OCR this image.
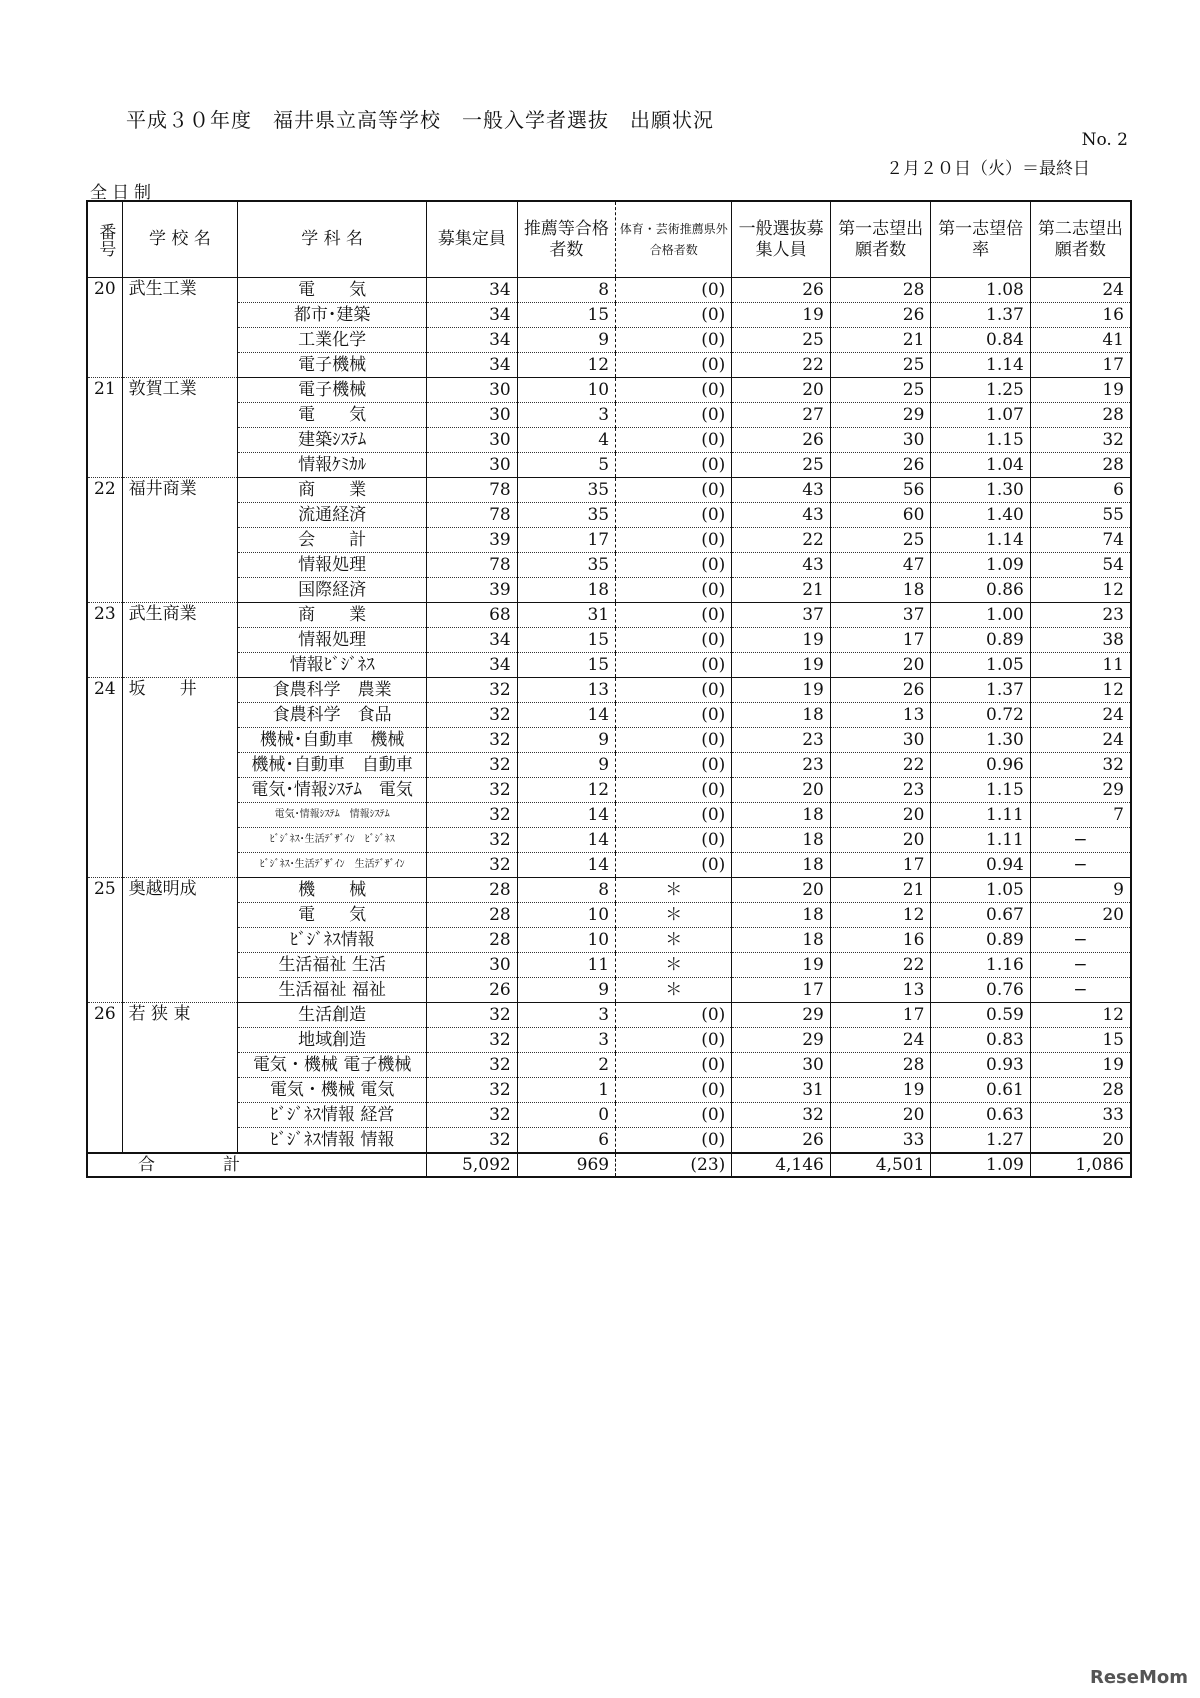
平成３０年度　福井県立高等学校　一般入学者選抜　出願状況
No. 2
２月２０日（火）＝最終日
全日制
番号	学 校 名	学 科 名	募集定員	推薦等合格者数	体育・芸術推薦県外合格者数	一般選抜募集人員	第一志望出願者数	第一志望倍　率	第二志望出願者数
20	武生工業	電　　気	34	8	(0)	26	28	1.08	24
		都市･建築	34	15	(0)	19	26	1.37	16
		工業化学	34	9	(0)	25	21	0.84	41
		電子機械	34	12	(0)	22	25	1.14	17
21	敦賀工業	電子機械	30	10	(0)	20	25	1.25	19
		電　　気	30	3	(0)	27	29	1.07	28
		建築ｼｽﾃﾑ	30	4	(0)	26	30	1.15	32
		情報ｹﾐｶﾙ	30	5	(0)	25	26	1.04	28
22	福井商業	商　　業	78	35	(0)	43	56	1.30	6
		流通経済	78	35	(0)	43	60	1.40	55
		会　　計	39	17	(0)	22	25	1.14	74
		情報処理	78	35	(0)	43	47	1.09	54
		国際経済	39	18	(0)	21	18	0.86	12
23	武生商業	商　　業	68	31	(0)	37	37	1.00	23
		情報処理	34	15	(0)	19	17	0.89	38
		情報ﾋﾞｼﾞﾈｽ	34	15	(0)	19	20	1.05	11
24	坂　　井	食農科学　農業	32	13	(0)	19	26	1.37	12
		食農科学　食品	32	14	(0)	18	13	0.72	24
		機械･自動車　機械	32	9	(0)	23	30	1.30	24
		機械･自動車　自動車	32	9	(0)	23	22	0.96	32
		電気･情報ｼｽﾃﾑ　電気	32	12	(0)	20	23	1.15	29
		電気･情報ｼｽﾃﾑ　情報ｼｽﾃﾑ	32	14	(0)	18	20	1.11	7
		ﾋﾞｼﾞﾈｽ･生活ﾃﾞｻﾞｲﾝ　ﾋﾞｼﾞﾈｽ	32	14	(0)	18	20	1.11	−
		ﾋﾞｼﾞﾈｽ･生活ﾃﾞｻﾞｲﾝ　生活ﾃﾞｻﾞｲﾝ	32	14	(0)	18	17	0.94	−
25	奥越明成	機　　械	28	8	＊	20	21	1.05	9
		電　　気	28	10	＊	18	12	0.67	20
		ﾋﾞｼﾞﾈｽ情報	28	10	＊	18	16	0.89	−
		生活福祉 生活	30	11	＊	19	22	1.16	−
		生活福祉 福祉	26	9	＊	17	13	0.76	−
26	若 狭 東	生活創造	32	3	(0)	29	17	0.59	12
		地域創造	32	3	(0)	29	24	0.83	15
		電気・機械 電子機械	32	2	(0)	30	28	0.93	19
		電気・機械 電気	32	1	(0)	31	19	0.61	28
		ﾋﾞｼﾞﾈｽ情報 経営	32	0	(0)	32	20	0.63	33
		ﾋﾞｼﾞﾈｽ情報 情報	32	6	(0)	26	33	1.27	20
合　　　　計			5,092	969	(23)	4,146	4,501	1.09	1,086
ReseMom
